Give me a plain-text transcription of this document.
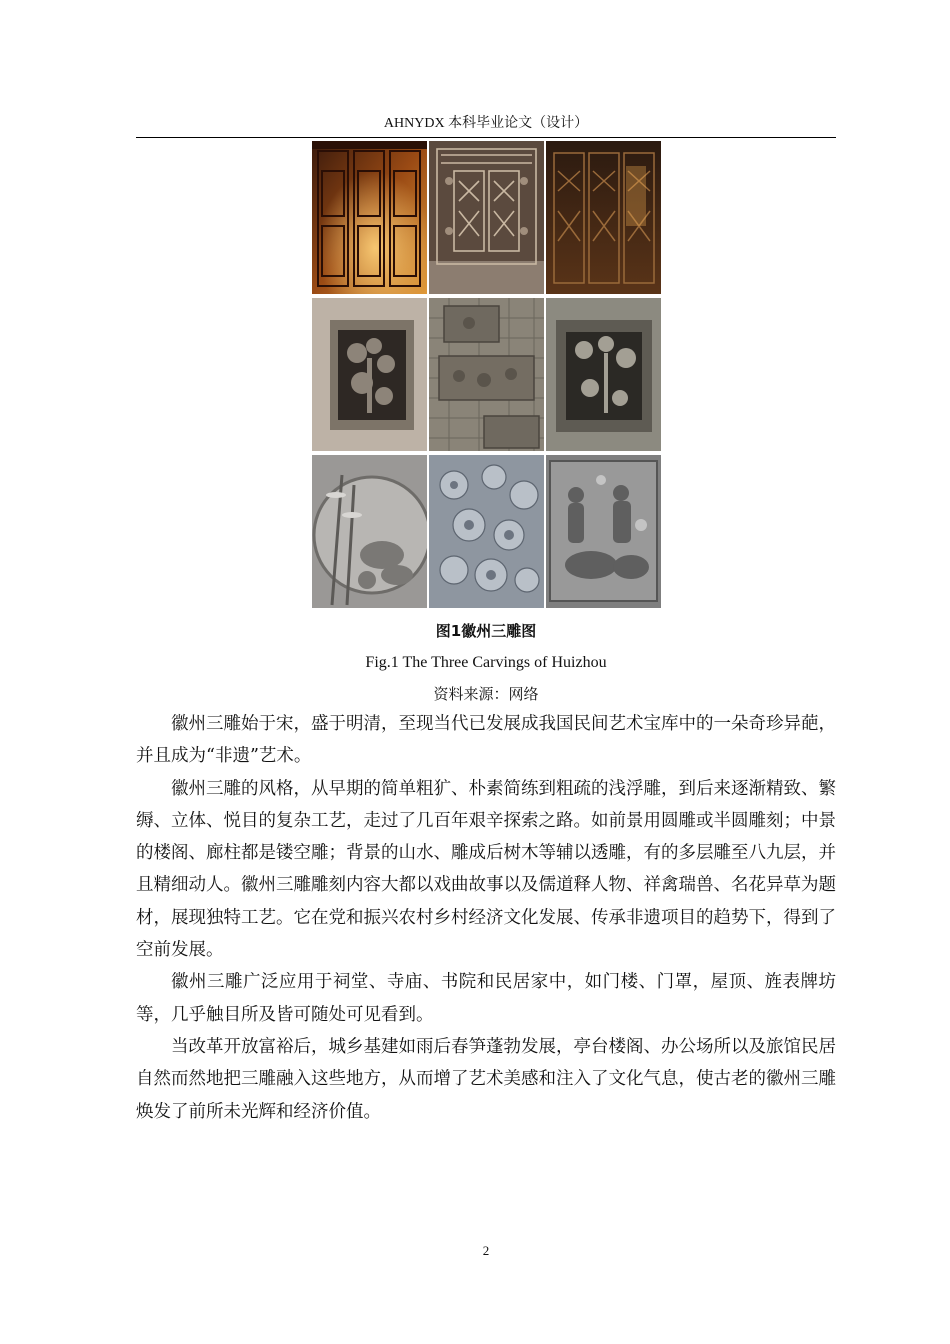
AHNYDX 本科毕业论文（设计）
图1徽州三雕图
Fig.1 The Three Carvings of Huizhou
资料来源：网络

徽州三雕始于宋，盛于明清，至现当代已发展成我国民间艺术宝库中的一朵奇珍异葩，并且成为“非遗”艺术。

徽州三雕的风格，从早期的简单粗犷、朴素简练到粗疏的浅浮雕，到后来逐渐精致、繁缛、立体、悦目的复杂工艺，走过了几百年艰辛探索之路。如前景用圆雕或半圆雕刻；中景的楼阁、廊柱都是镂空雕；背景的山水、雕成后树木等辅以透雕，有的多层雕至八九层，并且精细动人。徽州三雕雕刻内容大都以戏曲故事以及儒道释人物、祥禽瑞兽、名花异草为题材，展现独特工艺。它在党和振兴农村乡村经济文化发展、传承非遗项目的趋势下，得到了空前发展。

徽州三雕广泛应用于祠堂、寺庙、书院和民居家中，如门楼、门罩，屋顶、旌表牌坊等，几乎触目所及皆可随处可见看到。

当改革开放富裕后，城乡基建如雨后春笋蓬勃发展，亭台楼阁、办公场所以及旅馆民居自然而然地把三雕融入这些地方，从而增了艺术美感和注入了文化气息，使古老的徽州三雕焕发了前所未光辉和经济价值。

2
